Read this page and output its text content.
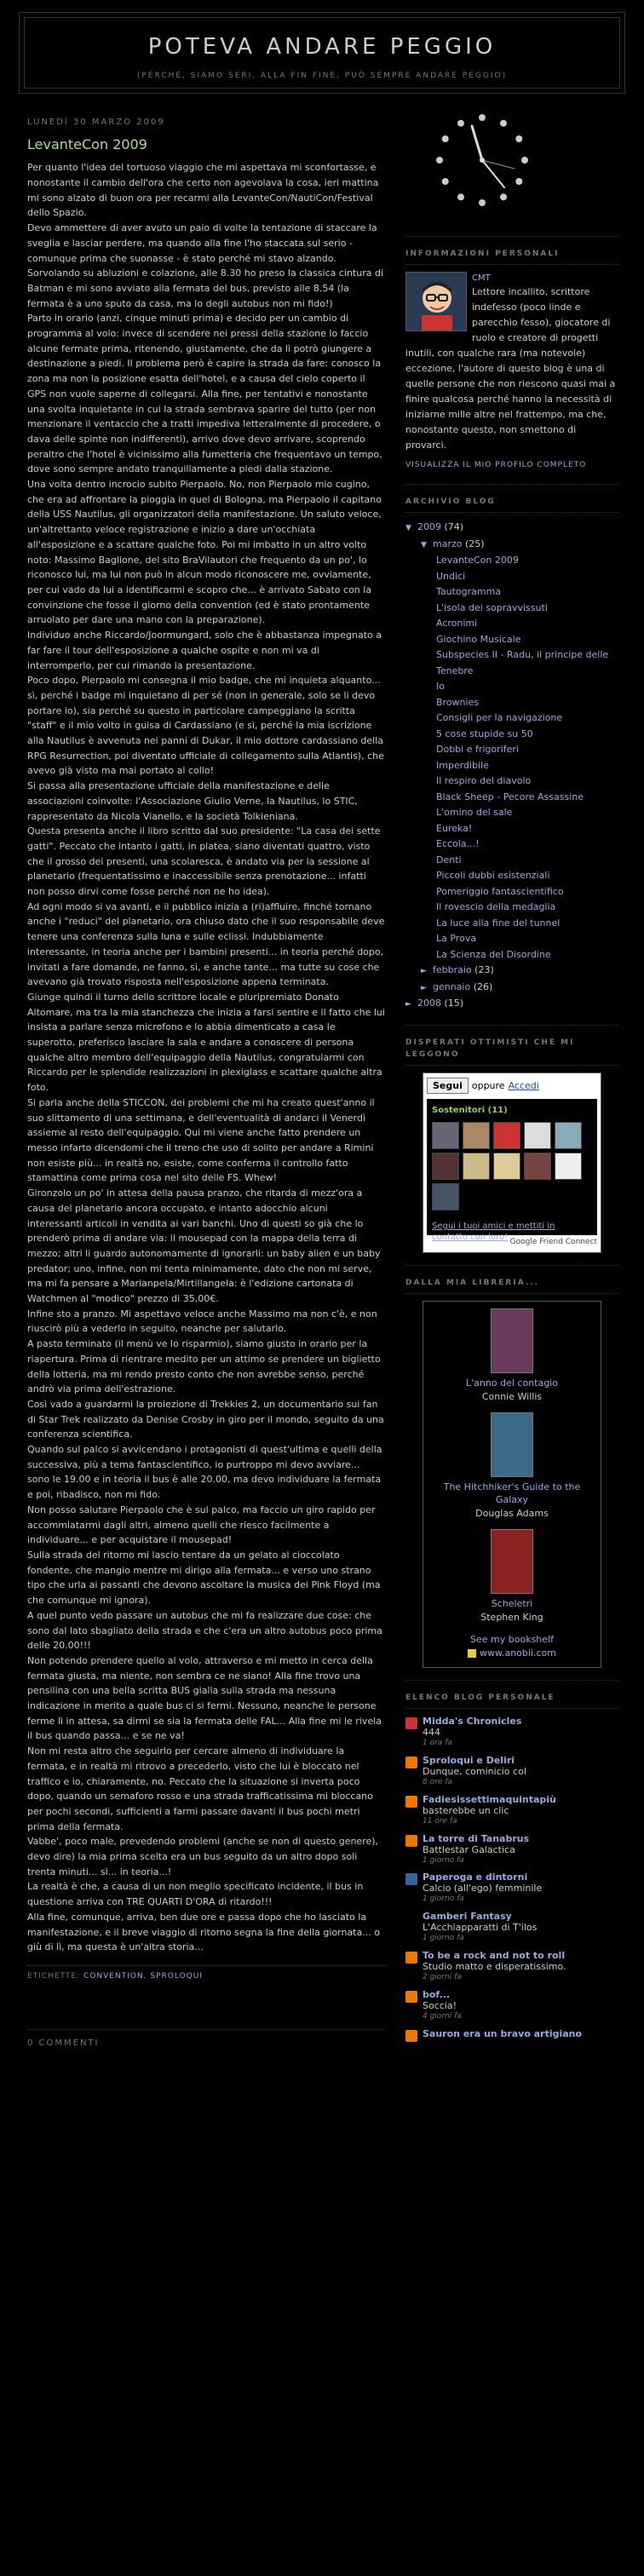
POTEVA ANDARE PEGGIO
(PERCHÉ, SIAMO SERI, ALLA FIN FINE, PUÒ SEMPRE ANDARE PEGGIO)
LUNEDÌ 30 MARZO 2009
LevanteCon 2009

Per quanto l'idea del tortuoso viaggio che mi aspettava mi sconfortasse, e nonostante il cambio dell'ora che certo non agevolava la cosa, ieri mattina mi sono alzato di buon ora per recarmi alla LevanteCon/NautiCon/Festival dello Spazio.

Devo ammettere di aver avuto un paio di volte la tentazione di staccare la sveglia e lasciar perdere, ma quando alla fine l'ho staccata sul serio - comunque prima che suonasse - è stato perché mi stavo alzando.

Sorvolando su abluzioni e colazione, alle 8.30 ho preso la classica cintura di Batman e mi sono avviato alla fermata del bus, previsto alle 8.54 (la fermata è a uno sputo da casa, ma lo degli autobus non mi fido!)

Parto in orario (anzi, cinque minuti prima) e decido per un cambio di programma al volo: invece di scendere nei pressi della stazione lo faccio alcune fermate prima, ritenendo, giustamente, che da lì potrò giungere a destinazione a piedi. Il problema però è capire la strada da fare: conosco la zona ma non la posizione esatta dell'hotel, e a causa del cielo coperto il GPS non vuole saperne di collegarsi. Alla fine, per tentativi e nonostante una svolta inquietante in cui la strada sembrava sparire del tutto (per non menzionare il ventaccio che a tratti impediva letteralmente di procedere, o dava delle spinte non indifferenti), arrivo dove devo arrivare, scoprendo peraltro che l'hotel è vicinissimo alla fumetteria che frequentavo un tempo, dove sono sempre andato tranquillamente a piedi dalla stazione.

Una volta dentro incrocio subito Pierpaolo. No, non Pierpaolo mio cugino, che era ad affrontare la pioggia in quel di Bologna, ma Pierpaolo il capitano della USS Nautilus, gli organizzatori della manifestazione. Un saluto veloce, un'altrettanto veloce registrazione e inizio a dare un'occhiata all'esposizione e a scattare qualche foto. Poi mi imbatto in un altro volto noto: Massimo Baglione, del sito BraVilautori che frequento da un po', lo riconosco lui, ma lui non può in alcun modo riconoscere me, ovviamente, per cui vado da lui a identificarmi e scopro che... è arrivato Sabato con la convinzione che fosse il giorno della convention (ed è stato prontamente arruolato per dare una mano con la preparazione).

Individuo anche Riccardo/Joormungard, solo che è abbastanza impegnato a far fare il tour dell'esposizione a qualche ospite e non mi va di interromperlo, per cui rimando la presentazione.

Poco dopo, Pierpaolo mi consegna il mio badge, che mi inquieta alquanto... sì, perché i badge mi inquietano di per sé (non in generale, solo se li devo portare io), sia perché su questo in particolare campeggiano la scritta "staff" e il mio volto in guisa di Cardassiano (e sì, perché la mia iscrizione alla Nautilus è avvenuta nei panni di Dukar, il mio dottore cardassiano della RPG Resurrection, poi diventato ufficiale di collegamento sulla Atlantis), che avevo già visto ma mai portato al collo!

Si passa alla presentazione ufficiale della manifestazione e delle associazioni coinvolte: l'Associazione Giulio Verne, la Nautilus, lo STIC, rappresentato da Nicola Vianello, e la società Tolkieniana.

Questa presenta anche il libro scritto dal suo presidente: "La casa dei sette gatti". Peccato che intanto i gatti, in platea, siano diventati quattro, visto che il grosso dei presenti, una scolaresca, è andato via per la sessione al planetario (frequentatissimo e inaccessibile senza prenotazione... infatti non posso dirvi come fosse perché non ne ho idea).

Ad ogni modo si va avanti, e il pubblico inizia a (ri)affluire, finché tornano anche i "reduci" del planetario, ora chiuso dato che il suo responsabile deve tenere una conferenza sulla luna e sulle eclissi. Indubbiamente interessante, in teoria anche per i bambini presenti... in teoria perché dopo, invitati a fare domande, ne fanno, sì, e anche tante... ma tutte su cose che avevano già trovato risposta nell'esposizione appena terminata.

Giunge quindi il turno dello scrittore locale e pluripremiato Donato Altomare, ma tra la mia stanchezza che inizia a farsi sentire e il fatto che lui insista a parlare senza microfono e lo abbia dimenticato a casa le superotto, preferisco lasciare la sala e andare a conoscere di persona qualche altro membro dell'equipaggio della Nautilus, congratularmi con Riccardo per le splendide realizzazioni in plexiglass e scattare qualche altra foto.

Si parla anche della STICCON, dei problemi che mi ha creato quest'anno il suo slittamento di una settimana, e dell'eventualità di andarci il Venerdì assieme al resto dell'equipaggio. Qui mi viene anche fatto prendere un messo infarto dicendomi che il treno che uso di solito per andare a Rimini non esiste più... in realtà no, esiste, come conferma il controllo fatto stamattina come prima cosa nel sito delle FS. Whew!

Gironzolo un po' in attesa della pausa pranzo, che ritarda di mezz'ora a causa del planetario ancora occupato, e intanto adocchio alcuni interessanti articoli in vendita ai vari banchi. Uno di questi so già che lo prenderò prima di andare via: il mousepad con la mappa della terra di mezzo; altri li guardo autonomamente di ignorarli: un baby alien e un baby predator; uno, infine, non mi tenta minimamente, dato che non mi serve, ma mi fa pensare a Marianpela/Mirtillangela: è l'edizione cartonata di Watchmen al "modico" prezzo di 35,00€.

Infine sto a pranzo. Mi aspettavo veloce anche Massimo ma non c'è, e non riuscirò più a vederlo in seguito, neanche per salutarlo.

A pasto terminato (il menù ve lo risparmio), siamo giusto in orario per la riapertura. Prima di rientrare medito per un attimo se prendere un biglietto della lotteria, ma mi rendo presto conto che non avrebbe senso, perché andrò via prima dell'estrazione.

Così vado a guardarmi la proiezione di Trekkies 2, un documentario sui fan di Star Trek realizzato da Denise Crosby in giro per il mondo, seguito da una conferenza scientifica.

Quando sul palco si avvicendano i protagonisti di quest'ultima e quelli della successiva, più a tema fantascientifico, io purtroppo mi devo avviare... sono le 19.00 e in teoria il bus è alle 20.00, ma devo individuare la fermata e poi, ribadisco, non mi fido.

Non posso salutare Pierpaolo che è sul palco, ma faccio un giro rapido per accommiatarmi dagli altri, almeno quelli che riesco facilmente a individuare... e per acquistare il mousepad!

Sulla strada del ritorno mi lascio tentare da un gelato al cioccolato fondente, che mangio mentre mi dirigo alla fermata... e verso uno strano tipo che urla ai passanti che devono ascoltare la musica dei Pink Floyd (ma che comunque mi ignora).

A quel punto vedo passare un autobus che mi fa realizzare due cose: che sono dal lato sbagliato della strada e che c'era un altro autobus poco prima delle 20.00!!!

Non potendo prendere quello al volo, attraverso e mi metto in cerca della fermata giusta, ma niente, non sembra ce ne siano! Alla fine trovo una pensilina con una bella scritta BUS gialla sulla strada ma nessuna indicazione in merito a quale bus ci si fermi. Nessuno, neanche le persone ferme lì in attesa, sa dirmi se sia la fermata delle FAL... Alla fine mi le rivela il bus quando passa... e se ne va!

Non mi resta altro che seguirlo per cercare almeno di individuare la fermata, e in realtà mi ritrovo a precederlo, visto che lui è bloccato nel traffico e io, chiaramente, no. Peccato che la situazione si inverta poco dopo, quando un semaforo rosso e una strada trafficatissima mi bloccano per pochi secondi, sufficienti a farmi passare davanti il bus pochi metri prima della fermata.

Vabbe', poco male, prevedendo problemi (anche se non di questo genere), devo dire) la mia prima scelta era un bus seguito da un altro dopo soli trenta minuti... sì... in teoria...!

La realtà è che, a causa di un non meglio specificato incidente, il bus in questione arriva con TRE QUARTI D'ORA di ritardo!!!

Alla fine, comunque, arriva, ben due ore e passa dopo che ho lasciato la manifestazione, e il breve viaggio di ritorno segna la fine della giornata... o giù di lì, ma questa è un'altra storia...

ETICHETTE: CONVENTION, SPROLOQUI
0 COMMENTI
INFORMAZIONI PERSONALI
CMT
Lettore incallito, scrittore indefesso (poco linde e parecchio fesso), giocatore di ruolo e creatore di progetti inutili, con qualche rara (ma notevole) eccezione, l'autore di questo blog è una di quelle persone che non riescono quasi mai a finire qualcosa perché hanno la necessità di iniziarne mille altre nel frattempo, ma che, nonostante questo, non smettono di provarci.
VISUALIZZA IL MIO PROFILO COMPLETO
ARCHIVIO BLOG
▼ 2009 (74)
▼ marzo (25)
LevanteCon 2009
Undici
Tautogramma
L'isola dei sopravvissuti
Acronimi
Giochino Musicale
Subspecies II - Radu, il principe delle Tenebre
Io
Brownies
Consigli per la navigazione
5 cose stupide su 50
Dobbi e frigoriferi
Imperdibile
Il respiro del diavolo
Black Sheep - Pecore Assassine
L'omino del sale
Eureka!
Eccola...!
Denti
Piccoli dubbi esistenziali
Pomeriggio fantascientifico
Il rovescio della medaglia
La luce alla fine del tunnel
La Prova
La Scienza del Disordine
► febbraio (23)
► gennaio (26)
► 2008 (15)
DISPERATI OTTIMISTI CHE MI LEGGONO
Segui	oppure Accedi
Sostenitori (11)
Segui i tuoi amici e mettiti in contatto con loro! Google Friend Connect
DALLA MIA LIBRERIA...
L'anno del contagio
Connie Willis
The Hitchhiker's Guide to the Galaxy
Douglas Adams
Scheletri
Stephen King
See my bookshelf
www.anobii.com
ELENCO BLOG PERSONALE
Midda's Chronicles
444
1 ora fa
Sproloqui e Deliri
Dunque, cominicio col
8 ore fa
Fadiesissettimaquintapiù
basterebbe un clic
11 ore fa
La torre di Tanabrus
Battlestar Galactica
1 giorno fa
Paperoga e dintorni
Calcio (all'ego) femminile
1 giorno fa
Gamberi Fantasy
L'Acchiapparatti di T'ilos
1 giorno fa
To be a rock and not to roll
Studio matto e disperatissimo.
2 giorni fa
bof...
Soccia!
4 giorni fa
Sauron era un bravo artigiano
